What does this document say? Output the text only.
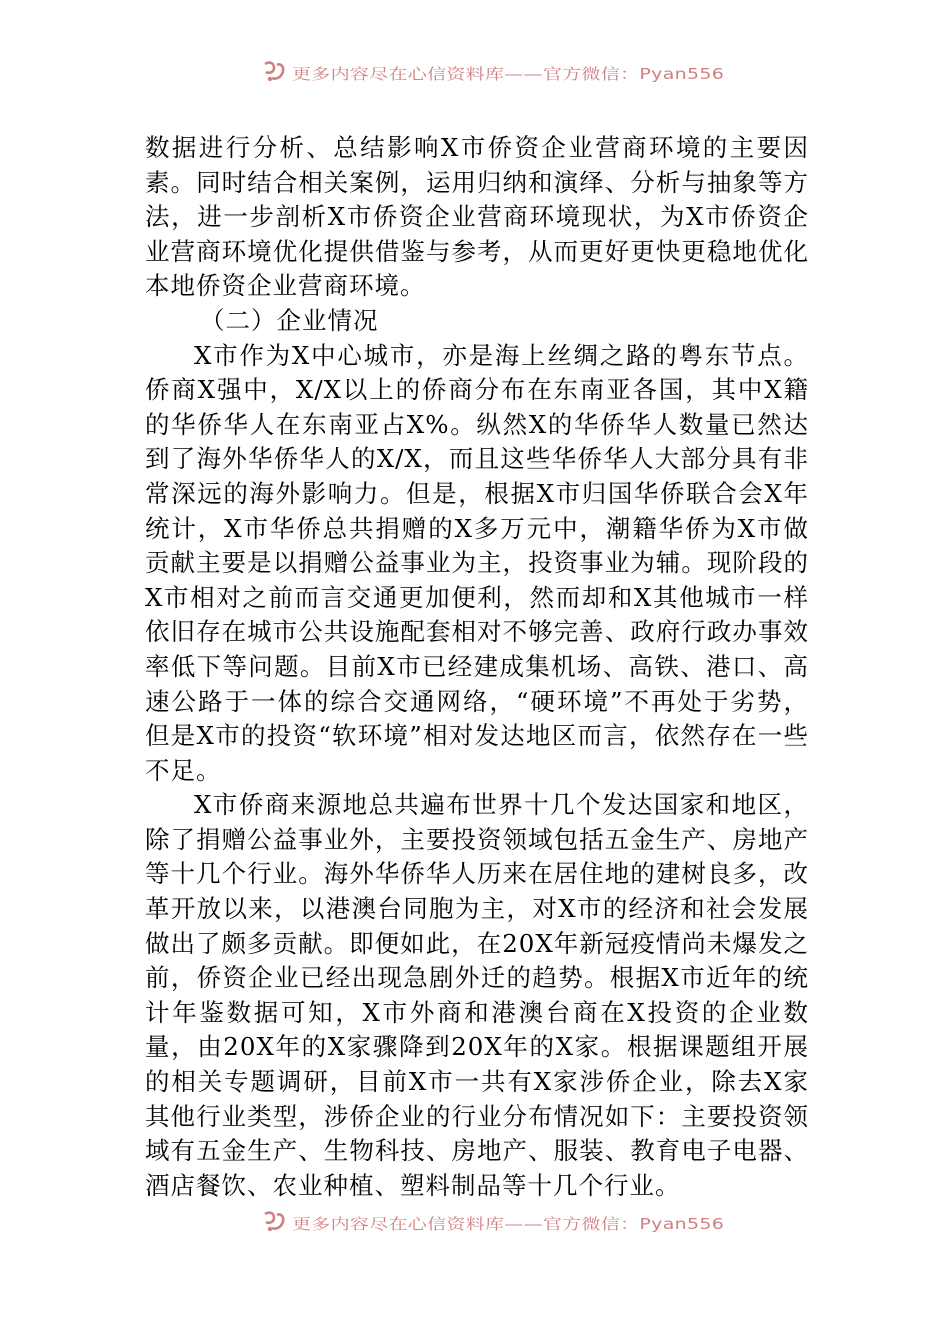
更多内容尽在心信资料库——官方微信：Pyan556

数据进行分析、总结影响X市侨资企业营商环境的主要因素。同时结合相关案例，运用归纳和演绎、分析与抽象等方法，进一步剖析X市侨资企业营商环境现状，为X市侨资企业营商环境优化提供借鉴与参考，从而更好更快更稳地优化本地侨资企业营商环境。

（二）企业情况

X市作为X中心城市，亦是海上丝绸之路的粤东节点。侨商X强中，X/X以上的侨商分布在东南亚各国，其中X籍的华侨华人在东南亚占X%。纵然X的华侨华人数量已然达到了海外华侨华人的X/X，而且这些华侨华人大部分具有非常深远的海外影响力。但是，根据X市归国华侨联合会X年统计，X市华侨总共捐赠的X多万元中，潮籍华侨为X市做贡献主要是以捐赠公益事业为主，投资事业为辅。现阶段的X市相对之前而言交通更加便利，然而却和X其他城市一样依旧存在城市公共设施配套相对不够完善、政府行政办事效率低下等问题。目前X市已经建成集机场、高铁、港口、高速公路于一体的综合交通网络，“硬环境”不再处于劣势，但是X市的投资“软环境”相对发达地区而言，依然存在一些不足。

X市侨商来源地总共遍布世界十几个发达国家和地区，除了捐赠公益事业外，主要投资领域包括五金生产、房地产等十几个行业。海外华侨华人历来在居住地的建树良多，改革开放以来，以港澳台同胞为主，对X市的经济和社会发展做出了颇多贡献。即便如此，在20X年新冠疫情尚未爆发之前，侨资企业已经出现急剧外迁的趋势。根据X市近年的统计年鉴数据可知，X市外商和港澳台商在X投资的企业数量，由20X年的X家骤降到20X年的X家。根据课题组开展的相关专题调研，目前X市一共有X家涉侨企业，除去X家其他行业类型，涉侨企业的行业分布情况如下：主要投资领域有五金生产、生物科技、房地产、服装、教育电子电器、酒店餐饮、农业种植、塑料制品等十几个行业。

更多内容尽在心信资料库——官方微信：Pyan556
